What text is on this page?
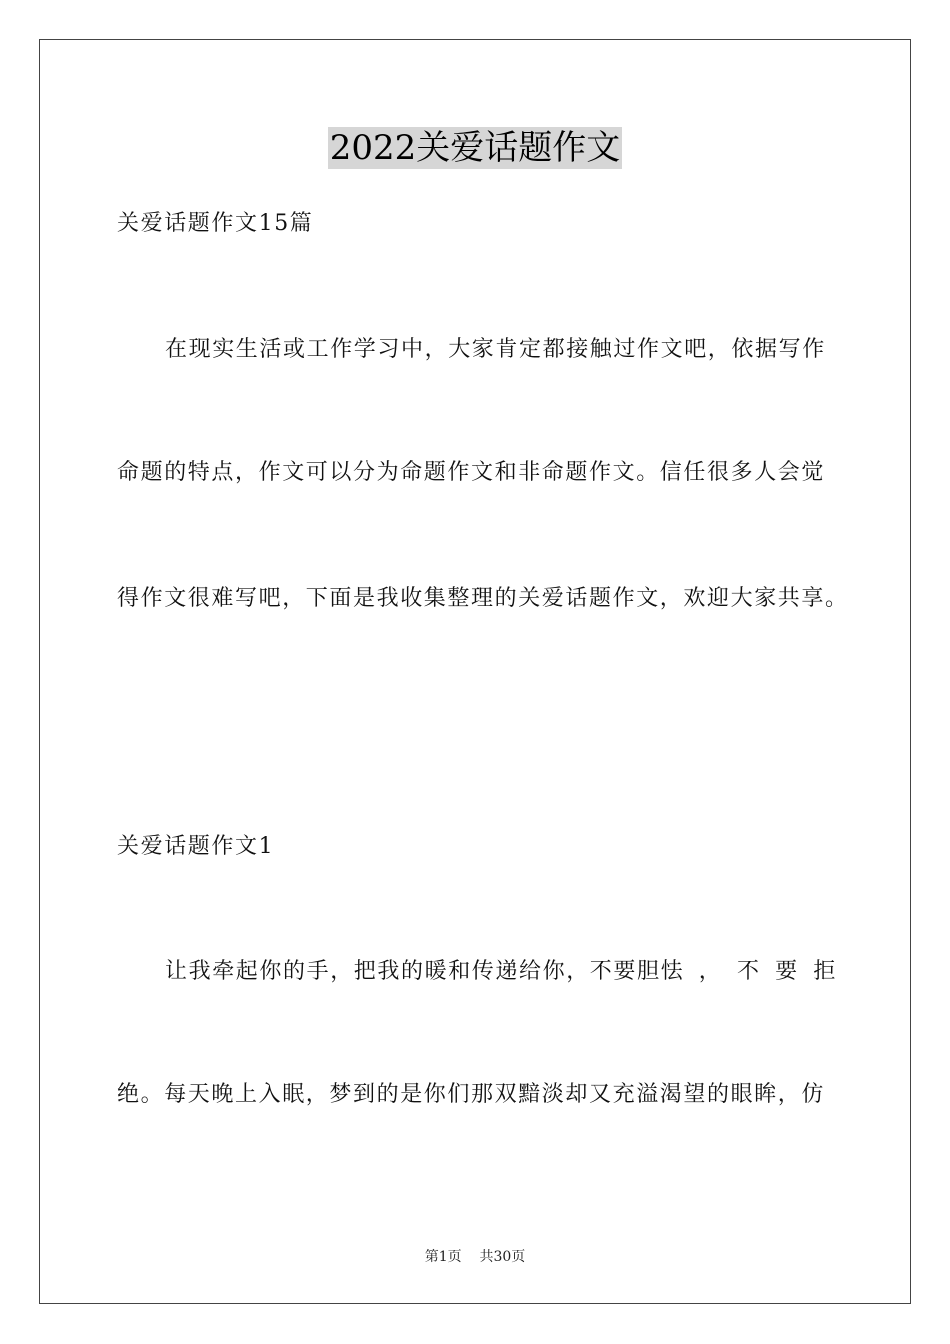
2022关爱话题作文
关爱话题作文15篇
在现实生活或工作学习中，大家肯定都接触过作文吧，依据写作
命题的特点，作文可以分为命题作文和非命题作文。信任很多人会觉
得作文很难写吧，下面是我收集整理的关爱话题作文，欢迎大家共享。
关爱话题作文1
让我牵起你的手，把我的暖和传递给你，不要胆怯 ， 不 要 拒
绝。每天晚上入眠，梦到的是你们那双黯淡却又充溢渴望的眼眸，仿
第1页 共30页
